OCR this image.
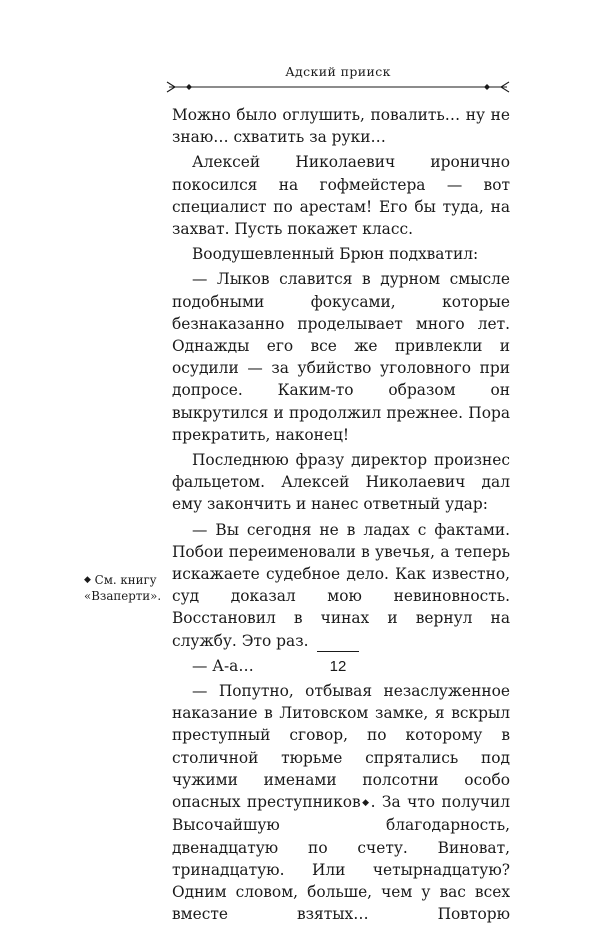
Адский прииск

Можно было оглушить, повалить… ну не знаю… схватить за руки…

Алексей Николаевич иронично покосился на гофмейстера — вот специалист по арестам! Его бы туда, на захват. Пусть покажет класс.

Воодушевленный Брюн подхватил:

— Лыков славится в дурном смысле подобными фокусами, которые безнаказанно проделывает много лет. Однажды его все же привлекли и осудили — за убийство уголовного при допросе. Каким-то образом он выкрутился и продолжил прежнее. Пора прекратить, наконец!

Последнюю фразу директор произнес фальцетом. Алексей Николаевич дал ему закончить и нанес ответный удар:

— Вы сегодня не в ладах с фактами. Побои переименовали в увечья, а теперь искажаете судебное дело. Как известно, суд доказал мою невиновность. Восстановил в чинах и вернул на службу. Это раз.

— А-а…

— Попутно, отбывая незаслуженное наказание в Литовском замке, я вскрыл преступный сговор, по которому в столичной тюрьме спрятались под чужими именами полсотни особо опасных преступников◆. За что получил Высочайшую благодарность, двенадцатую по счету. Виноват, тринадцатую. Или четырнадцатую? Одним словом, больше, чем у вас всех вместе взятых… Повторю

◆ См. книгу «Взаперти».
12
